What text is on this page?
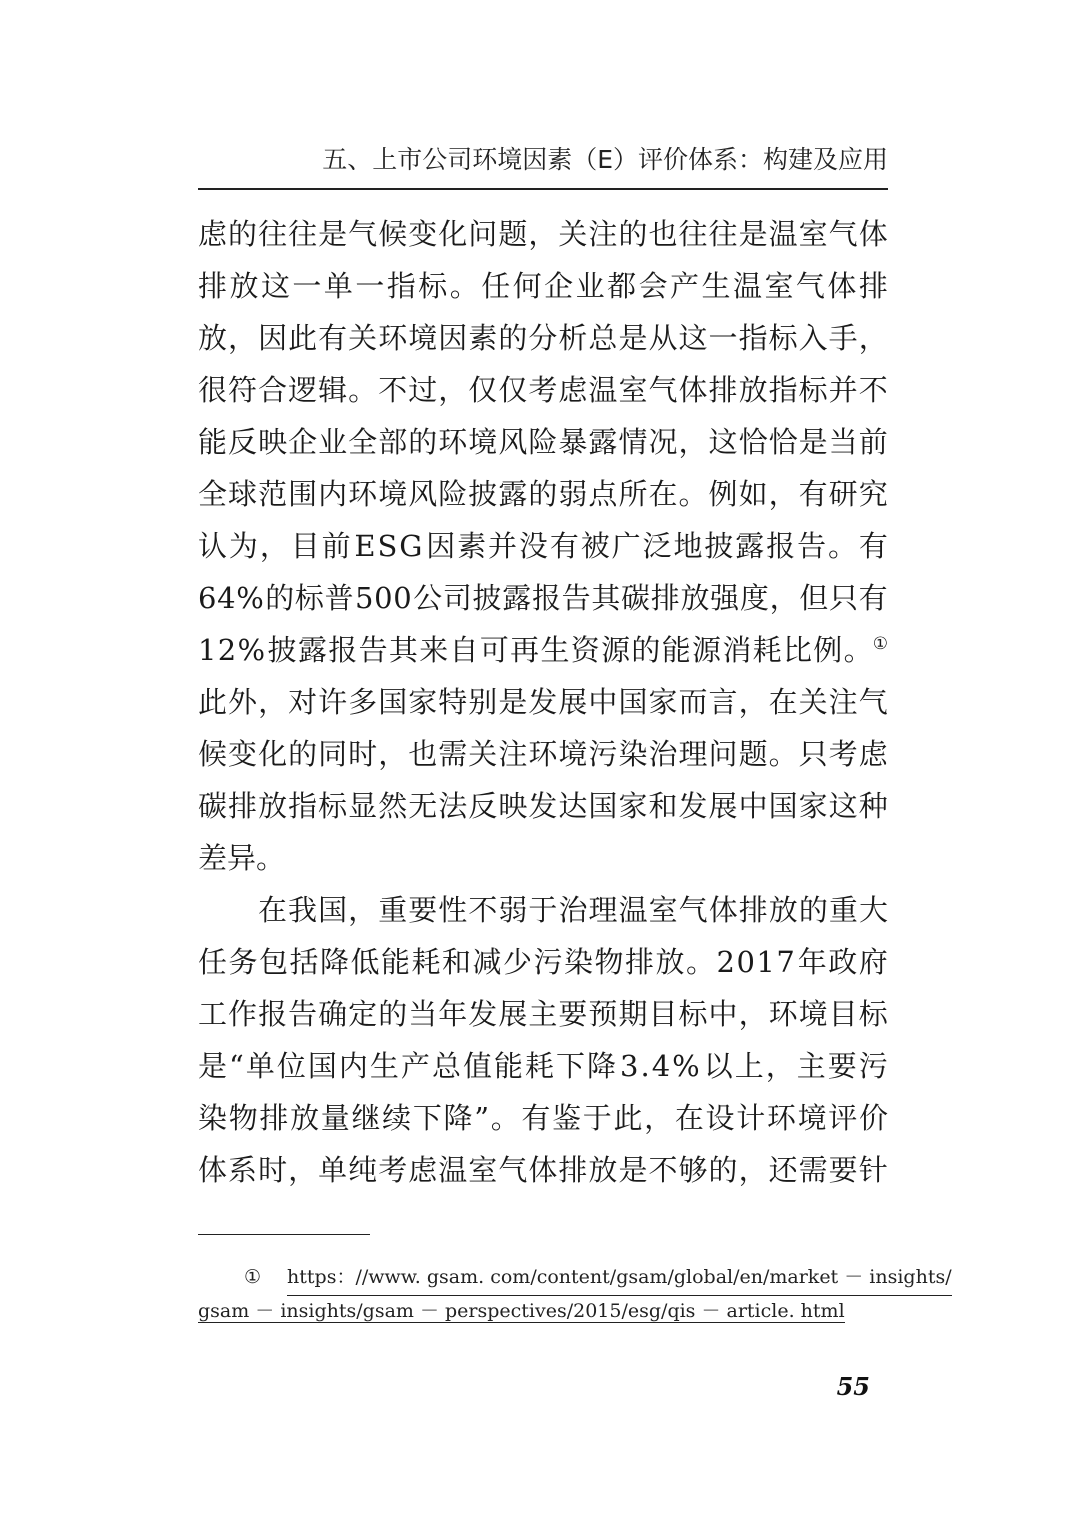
五、上市公司环境因素（E）评价体系：构建及应用
虑 的 往 往 是 气 候 变 化 问 题 ， 关 注 的 也 往 往 是 温 室 气 体
排 放 这 一 单 一 指 标 。 任 何 企 业 都 会 产 生 温 室 气 体 排
放 ， 因 此 有 关 环 境 因 素 的 分 析 总 是 从 这 一 指 标 入 手 ，
很 符 合 逻 辑 。 不 过 ， 仅 仅 考 虑 温 室 气 体 排 放 指 标 并 不
能 反 映 企 业 全 部 的 环 境 风 险 暴 露 情 况 ， 这 恰 恰 是 当 前
全 球 范 围 内 环 境 风 险 披 露 的 弱 点 所 在 。 例 如 ， 有 研 究
认 为 ， 目 前 E S G 因 素 并 没 有 被 广 泛 地 披 露 报 告 。 有
6 4 % 的 标 普 5 0 0 公 司 披 露 报 告 其 碳 排 放 强 度 ， 但 只 有
1 2 % 披 露 报 告 其 来 自 可 再 生 资 源 的 能 源 消 耗 比 例 。 ①
此 外 ， 对 许 多 国 家 特 别 是 发 展 中 国 家 而 言 ， 在 关 注 气
候 变 化 的 同 时 ， 也 需 关 注 环 境 污 染 治 理 问 题 。 只 考 虑
碳 排 放 指 标 显 然 无 法 反 映 发 达 国 家 和 发 展 中 国 家 这 种
差异。
在 我 国 ， 重 要 性 不 弱 于 治 理 温 室 气 体 排 放 的 重 大
任 务 包 括 降 低 能 耗 和 减 少 污 染 物 排 放 。 2 0 1 7 年 政 府
工 作 报 告 确 定 的 当 年 发 展 主 要 预 期 目 标 中 ， 环 境 目 标
是 “ 单 位 国 内 生 产 总 值 能 耗 下 降 3 . 4 % 以 上 ， 主 要 污
染 物 排 放 量 继 续 下 降 ” 。 有 鉴 于 此 ， 在 设 计 环 境 评 价
体 系 时 ， 单 纯 考 虑 温 室 气 体 排 放 是 不 够 的 ， 还 需 要 针
① https：//www. gsam. com/content/gsam/global/en/market － insights/
gsam － insights/gsam － perspectives/2015/esg/qis － article. html
55
